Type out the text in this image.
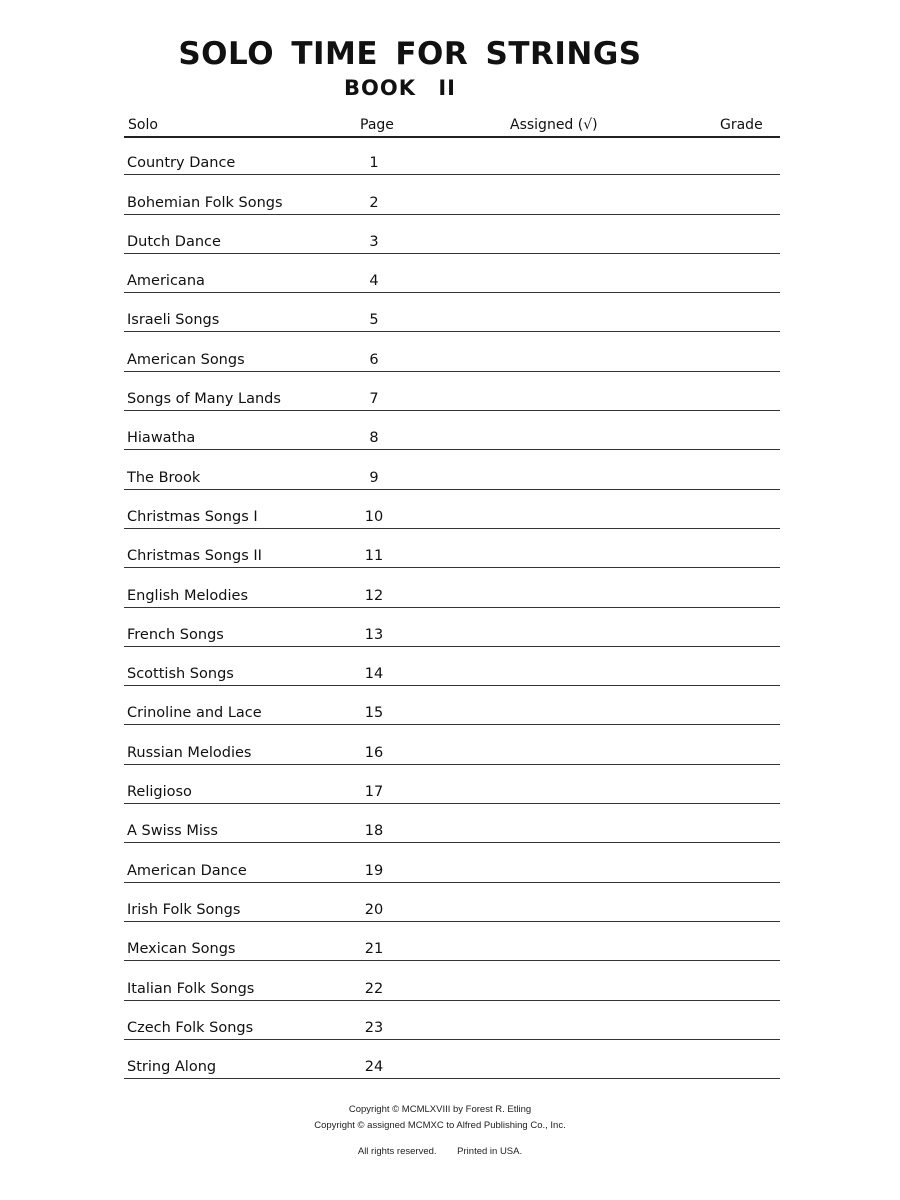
SOLO TIME FOR STRINGS
BOOK II
Solo	Page	Assigned (√)	Grade
Country Dance	1
Bohemian Folk Songs	2
Dutch Dance	3
Americana	4
Israeli Songs	5
American Songs	6
Songs of Many Lands	7
Hiawatha	8
The Brook	9
Christmas Songs I	10
Christmas Songs II	11
English Melodies	12
French Songs	13
Scottish Songs	14
Crinoline and Lace	15
Russian Melodies	16
Religioso	17
A Swiss Miss	18
American Dance	19
Irish Folk Songs	20
Mexican Songs	21
Italian Folk Songs	22
Czech Folk Songs	23
String Along	24
Copyright © MCMLXVIII by Forest R. Etling
Copyright © assigned MCMXC to Alfred Publishing Co., Inc.
All rights reserved. Printed in USA.
